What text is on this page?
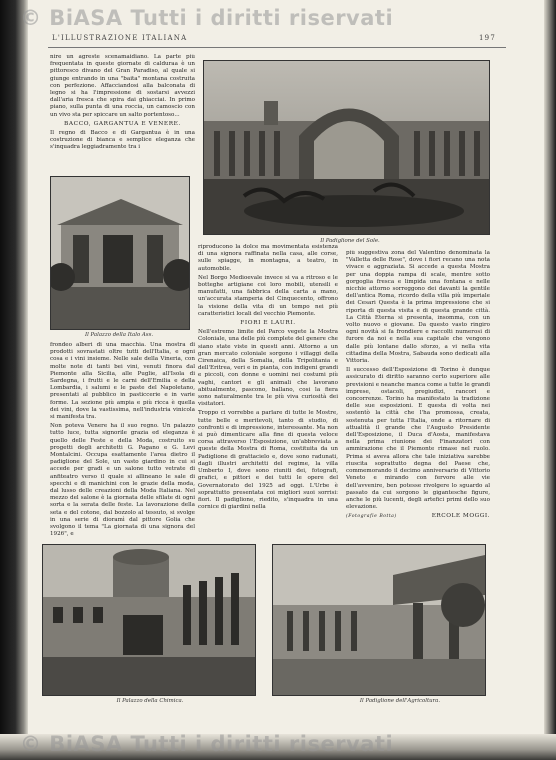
© BiASA Tutti i diritti riservati
L'ILLUSTRAZIONE ITALIANA	197

nire un agreste scenamaidiano. La parte più frequentata in queste giornate di calduraa è un pittoresco divano del Gran Paradiso, al quale si giunge entrando in una "baita" montana costruita con perfezione. Affacciandosi alla balconata di legno si ha l'impressione di sostarsi avvezzi dall'aria fresca che spira dai ghiacciai. In primo piano, sulla punta di una roccia, un camoscio con un vivo sta per spiccare un salto portentoso...

BACCO, GARGANTUA E VENERE.

Il regno di Bacco e di Gargantua è in una costruzione di bianca e semplice eleganza che s'inquadra leggiadramente tra i

Il Padiglione del Sole.
Il Palazzo della Italo Ass.

frondeo alberi di una macchia. Una mostra di prodotti sovrastati oltre tutti dell'Italia, e ogni cosa e i vini insieme. Nelle sale della Vineria, con molte note di tanti bei vini, venuti finora dal Piemonte alla Sicilia, alle Puglie, all'Isola di Sardegna, i frutti e le carni dell'Emilia e della Lombardia, i salumi e le paste del Napoletano, presentati al pubblico in pasticcerie e in varie forme. La sezione più ampia e più ricca è quella dei vini, dove la vastissima, nell'industria vinicola si manifesta tra.

Non poteva Venere ha il suo regno. Un palazzo tutto luce, tutta signorile grazia ed eleganza è quello delle Feste e della Moda, costruito su progetti degli architetti G. Pagano e G. Levi Montalcini. Occupa esattamente l'area dietro il padiglione del Sole, un vasto giardino in cui si accede per gradi e un salone tutto vetrate di anfiteatro verso il quale si allineano le sale di specchi e di manichini con le grazie della moda, dal lusso delle creazioni della Moda Italiana. Nel mezzo del salone è la giornata delle sfilate di ogni sorta e la serata delle feste. La lavorazione della seta e del cotone, dal bozzolo al tessuto, si svolge in una serie di dioramì dal pittore Golia che svolgono il tema "La giornata di una signora del 1926", e

riproducono la dolce ma movimentata esistenza di una signora raffinata nella casa, alle corse, sulle spiagge, in montagna, a teatro, in automobile.

Nel Borgo Medioevale invece si va a ritroso e le botteghe artigiane coi loro mobili, utensili e manufatti, una fabbrica della carta a mano, un'accurata stamperia del Cinquecento, offrono la visione della vita di un tempo nei più caratteristici locali del vecchio Piemonte.

FIORI E LAURI.

Nell'estremo limite del Parco vegete la Mostra Coloniale, una delle più complete del genere che siano state viste in questi anni. Attorno a un gran mercato coloniale sorgono i villaggi della Cirenaica, della Somalia, della Tripolitania e dell'Eritrea, veri e in pianta, con indigeni grandi e piccoli, con donne e uomini nei costumi più vaghi, cantori e gli animali che lavorano abitualmente, pascono, ballano, cosi la fiera sono naturalmente tra le più viva curiosità dei visitatori.

Troppo ci vorrebbe a parlare di tutte le Mostre, tutte belle e meritevoli, tanto di studio, di confronti e di impressione, interessante. Ma non si può dimenticare alla fine di questa veloce corsa attraverso l'Esposizione, un'abbreviata a queste della Mostra di Roma, costituita da un Padiglione di grattacielo e, dove sono radunati, dagli illustri architetti del regime, la villa Umberto I, dove sono riuniti dei, fotografi, grafici, e pittori e dei tutti le opere del Governatorato del 1925 ad oggi. L'Urbe è soprattutto presentata coi migliori suoi sorrisi: fiori. Il padiglione, riedito, s'inquadra in una cornice di giardini nella

più suggestiva zona del Valentino denominata la "Valletta delle Rose", dove i fiori recano una nota vivace e aggraziata. Si accede a questa Mostra per una doppia rampa di scale, mentre sotto gorgoglia fresca e limpida una fontana e nelle nicchie attorno sorreggono dei davanti la gentile dell'antica Roma, ricordo della villa più imperiale dei Cesari Questa è la prima impressione che si riporta di questa visita e di questa grande città. La Città Eterna si presenta, insomma, con un volto nuovo e giovane. Da questo vasto ringiro ogni novità si fa frondiere e raccolti numerosi di furore da noi e nella sua capitale che vengono dalle più lontane dallo sforzo, a vi nella vita cittadina della Mostra, Sabauda sono dedicati alla Vittoria.

Il successo dell'Esposizione di Torino è dunque assicurato di diritto saranno certo superiore alle previsioni e neanche manca come a tutte le grandi imprese, ostacoli, pregiudizi, rancori e concorrenze. Torino ha manifestato la tradizione delle sue esposizioni. E questa di volta nei sostentò la città che l'ha promossa, creata, sostenuta per tutta l'Italia, onde a ritornare di attualità il grande che l'Augusto Presidente dell'Esposizione, il Duca d'Aosta, manifestava nella prima riunione dei Finanzatori con ammirazione che il Piemonte rimase nel ruolo. Prima si aveva allora che tale iniziativa sarebbe riuscita soprattutto degna del Paese che, commemorando il decimo anniversario di Vittorio Veneto e mirando con fervore alle vie dell'avvenire, ben potesse rivolgere lo sguardo al passato da cui sorgono le gigantesche figure, anche le più lucenti, degli artefici primi dello suo elevazione.

(Fotografie Botta)	ERCOLE MOGGI.
Il Palazzo della Chimica.	Il Padiglione dell'Agricoltura.
© BiASA Tutti i diritti riservati
